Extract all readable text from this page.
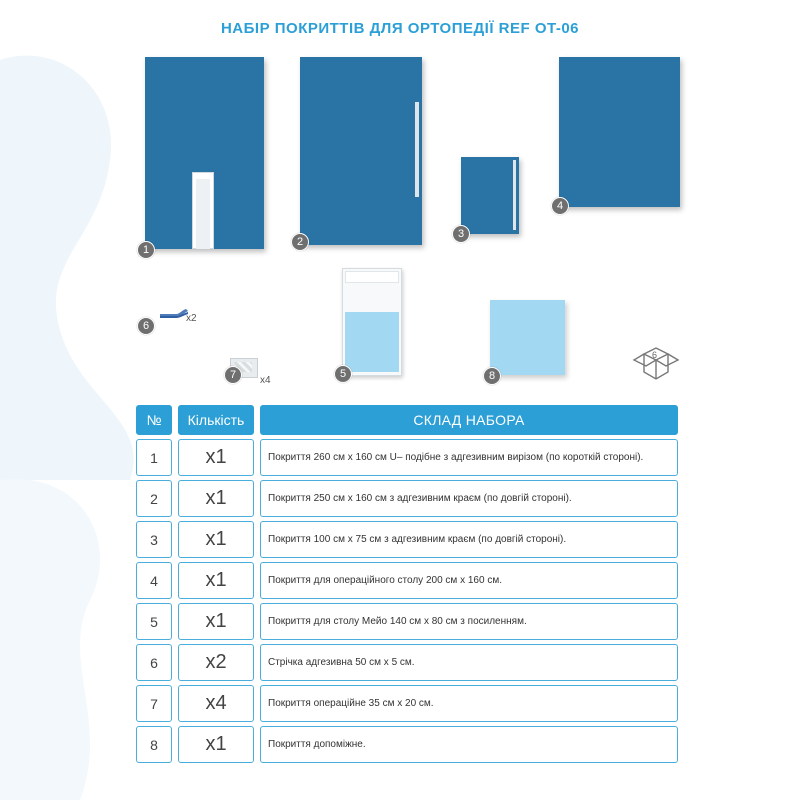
НАБІР ПОКРИТТІВ ДЛЯ ОРТОПЕДІЇ REF OT-06
1
2
3
4
5
x2
6
x4
7	8
6
№	Кількість	СКЛАД НАБОРА
1	x1	Покриття 260 см х 160 см U– подібне з адгезивним вирізом (по короткій стороні).
2	x1	Покриття 250 см х 160 см з адгезивним краєм (по довгій стороні).
3	x1	Покриття 100 см х 75 см з адгезивним краєм (по довгій стороні).
4	x1	Покриття для операційного столу 200 см х 160 см.
5	x1	Покриття для столу Мейо 140 см х 80 см з посиленням.
6	x2	Стрічка адгезивна 50 см х 5 см.
7	x4	Покриття операційне 35 см х 20 см.
8	x1	Покриття допоміжне.
